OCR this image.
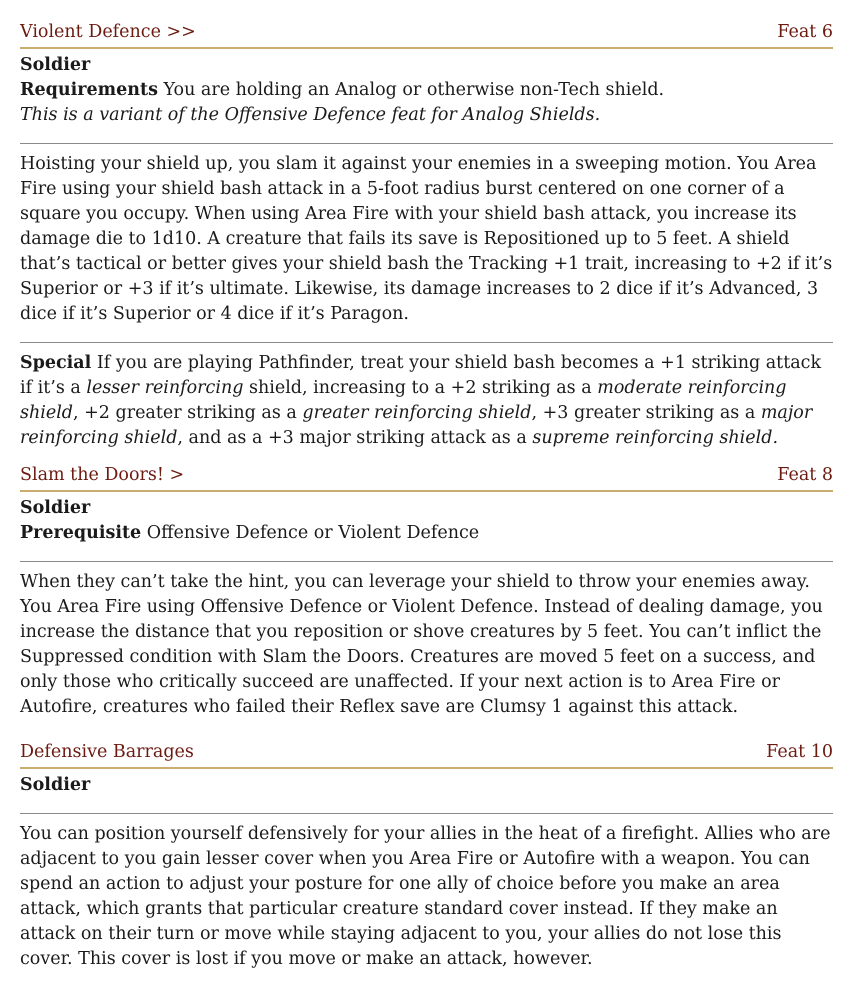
Violent Defence >>	Feat 6
Soldier
Requirements You are holding an Analog or otherwise non-Tech shield.
This is a variant of the Offensive Defence feat for Analog Shields.

Hoisting your shield up, you slam it against your enemies in a sweeping motion. You Area Fire using your shield bash attack in a 5-foot radius burst centered on one corner of a square you occupy. When using Area Fire with your shield bash attack, you increase its damage die to 1d10. A creature that fails its save is Repositioned up to 5 feet. A shield that’s tactical or better gives your shield bash the Tracking +1 trait, increasing to +2 if it’s Superior or +3 if it’s ultimate. Likewise, its damage increases to 2 dice if it’s Advanced, 3 dice if it’s Superior or 4 dice if it’s Paragon.

Special If you are playing Pathfinder, treat your shield bash becomes a +1 striking attack if it’s a lesser reinforcing shield, increasing to a +2 striking as a moderate reinforcing shield, +2 greater striking as a greater reinforcing shield, +3 greater striking as a major reinforcing shield, and as a +3 major striking attack as a supreme reinforcing shield.

Slam the Doors! >	Feat 8
Soldier
Prerequisite Offensive Defence or Violent Defence

When they can’t take the hint, you can leverage your shield to throw your enemies away. You Area Fire using Offensive Defence or Violent Defence. Instead of dealing damage, you increase the distance that you reposition or shove creatures by 5 feet. You can’t inflict the Suppressed condition with Slam the Doors. Creatures are moved 5 feet on a success, and only those who critically succeed are unaffected. If your next action is to Area Fire or Autofire, creatures who failed their Reflex save are Clumsy 1 against this attack.

Defensive Barrages	Feat 10
Soldier

You can position yourself defensively for your allies in the heat of a firefight. Allies who are adjacent to you gain lesser cover when you Area Fire or Autofire with a weapon. You can spend an action to adjust your posture for one ally of choice before you make an area attack, which grants that particular creature standard cover instead. If they make an attack on their turn or move while staying adjacent to you, your allies do not lose this cover. This cover is lost if you move or make an attack, however.
